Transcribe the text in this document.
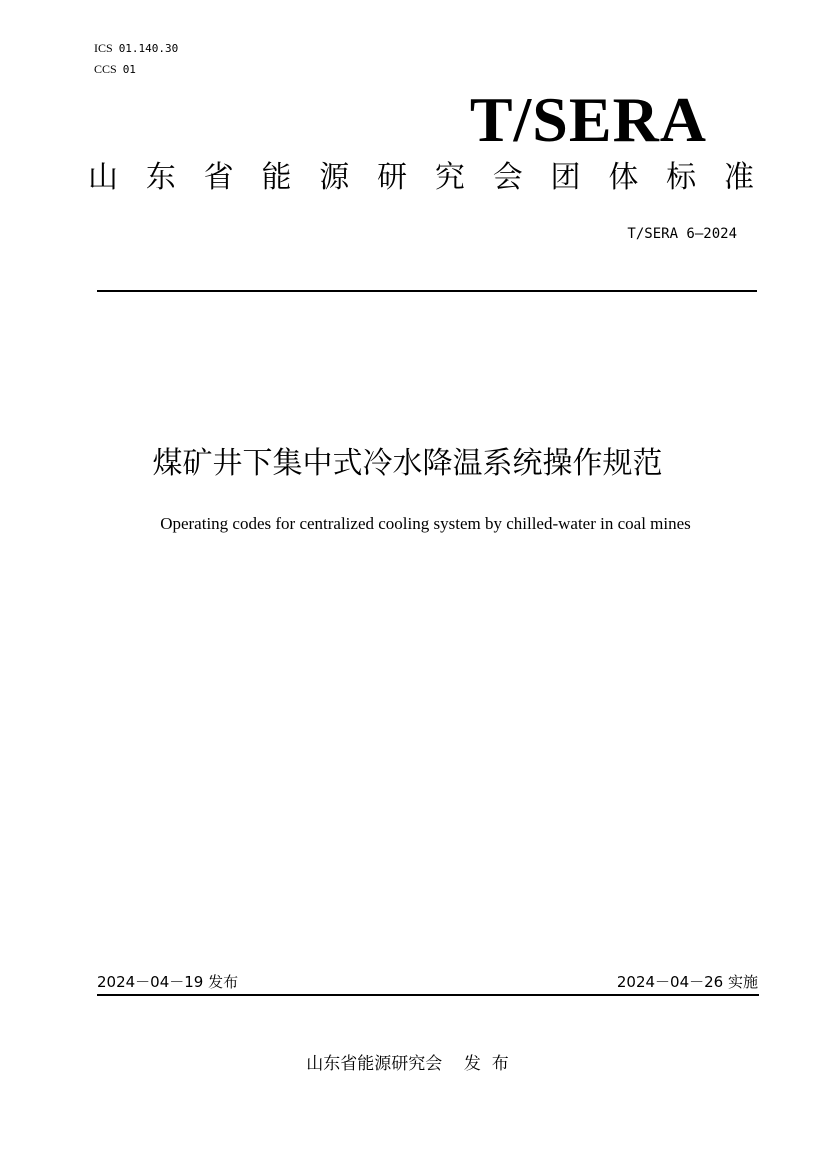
ICS 01.140.30
CCS 01
T/SERA
山 东 省 能 源 研 究 会 团 体 标 准
T/SERA 6—2024
煤矿井下集中式冷水降温系统操作规范
Operating codes for centralized cooling system by chilled-water in coal mines
2024－04－19 发布	2024－04－26 实施
山东省能源研究会    发  布
